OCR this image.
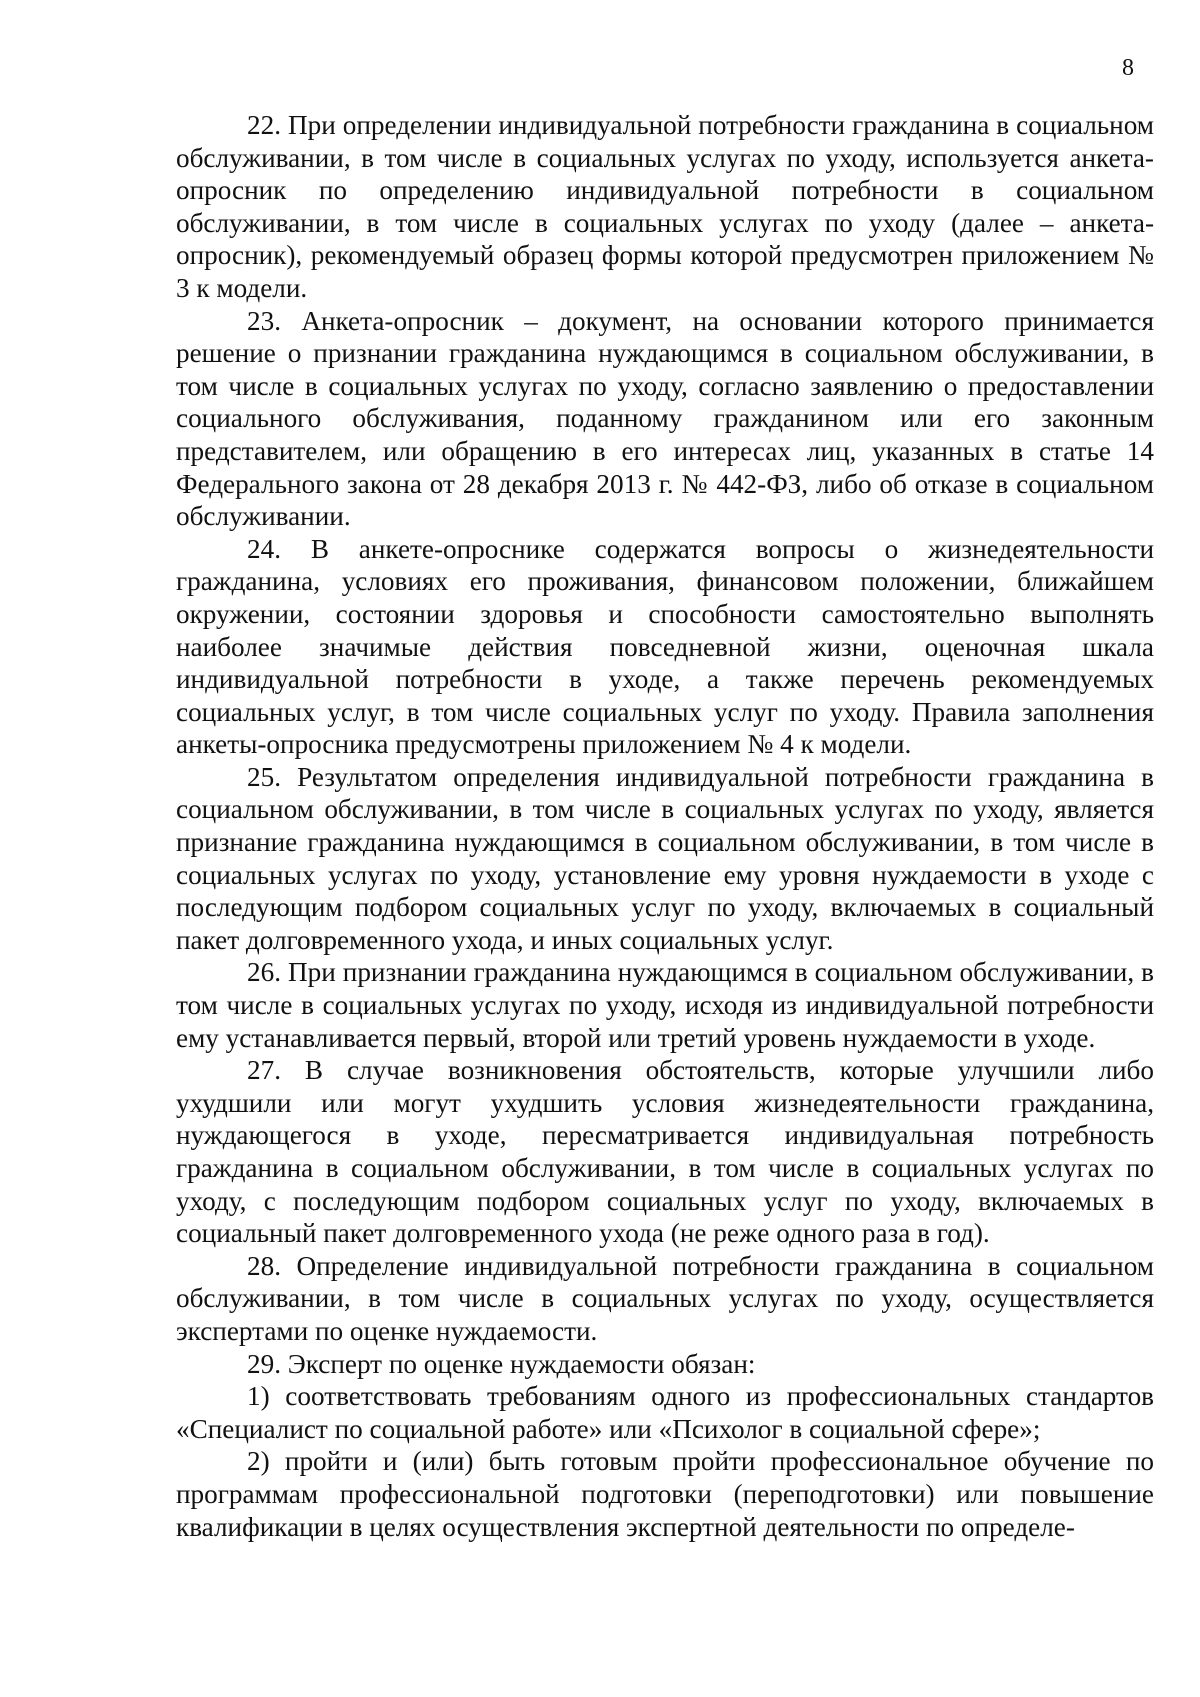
8

22. При определении индивидуальной потребности гражданина в социальном обслуживании, в том числе в социальных услугах по уходу, используется анкета-опросник по определению индивидуальной потребности в социальном обслуживании, в том числе в социальных услугах по уходу (далее – анкета-опросник), рекомендуемый образец формы которой предусмотрен приложением № 3 к модели.

23. Анкета-опросник – документ, на основании которого принимается решение о признании гражданина нуждающимся в социальном обслуживании, в том числе в социальных услугах по уходу, согласно заявлению о предоставлении социального обслуживания, поданному гражданином или его законным представителем, или обращению в его интересах лиц, указанных в статье 14 Федерального закона от 28 декабря 2013 г. № 442-ФЗ, либо об отказе в социальном обслуживании.

24. В анкете-опроснике содержатся вопросы о жизнедеятельности гражданина, условиях его проживания, финансовом положении, ближайшем окружении, состоянии здоровья и способности самостоятельно выполнять наиболее значимые действия повседневной жизни, оценочная шкала индивидуальной потребности в уходе, а также перечень рекомендуемых социальных услуг, в том числе социальных услуг по уходу. Правила заполнения анкеты-опросника предусмотрены приложением № 4 к модели.

25. Результатом определения индивидуальной потребности гражданина в социальном обслуживании, в том числе в социальных услугах по уходу, является признание гражданина нуждающимся в социальном обслуживании, в том числе в социальных услугах по уходу, установление ему уровня нуждаемости в уходе с последующим подбором социальных услуг по уходу, включаемых в социальный пакет долговременного ухода, и иных социальных услуг.

26. При признании гражданина нуждающимся в социальном обслуживании, в том числе в социальных услугах по уходу, исходя из индивидуальной потребности ему устанавливается первый, второй или третий уровень нуждаемости в уходе.

27. В случае возникновения обстоятельств, которые улучшили либо ухудшили или могут ухудшить условия жизнедеятельности гражданина, нуждающегося в уходе, пересматривается индивидуальная потребность гражданина в социальном обслуживании, в том числе в социальных услугах по уходу, с последующим подбором социальных услуг по уходу, включаемых в социальный пакет долговременного ухода (не реже одного раза в год).

28. Определение индивидуальной потребности гражданина в социальном обслуживании, в том числе в социальных услугах по уходу, осуществляется экспертами по оценке нуждаемости.

29. Эксперт по оценке нуждаемости обязан:

1) соответствовать требованиям одного из профессиональных стандартов «Специалист по социальной работе» или «Психолог в социальной сфере»;

2) пройти и (или) быть готовым пройти профессиональное обучение по программам профессиональной подготовки (переподготовки) или повышение квалификации в целях осуществления экспертной деятельности по определе-
